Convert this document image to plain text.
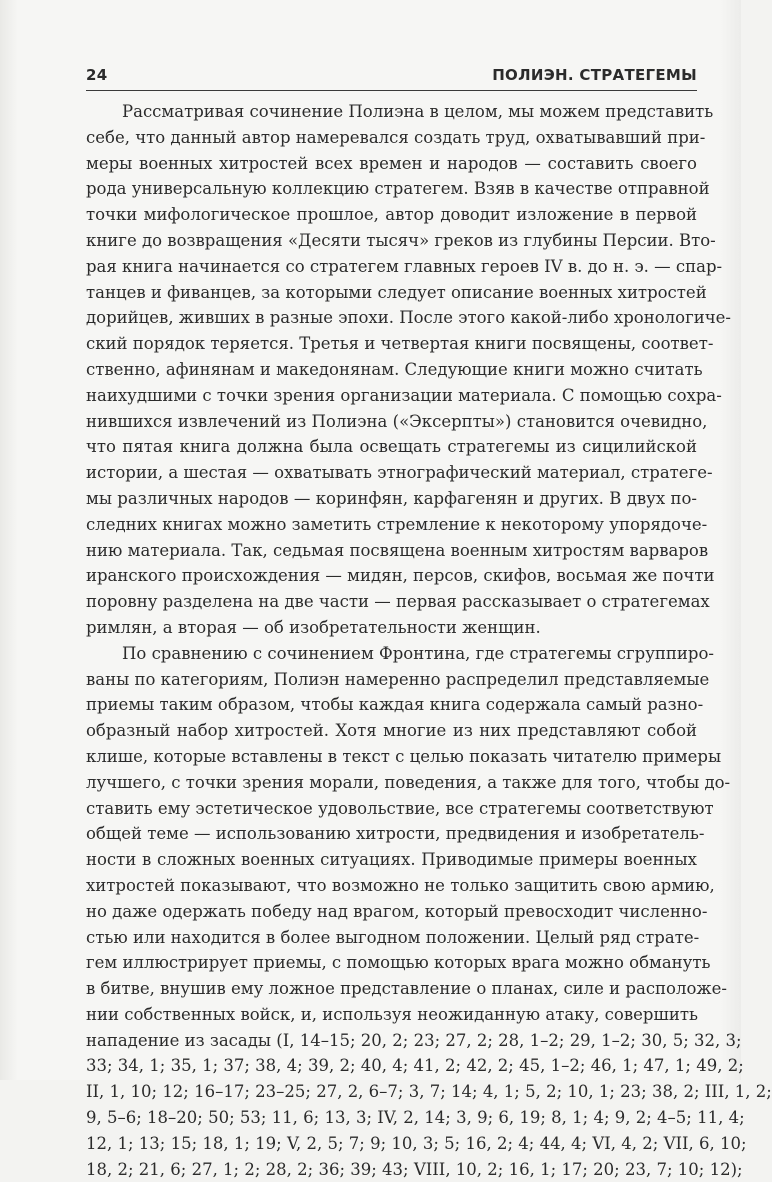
24	ПОЛИЭН. СТРАТЕГЕМЫ
Рассматривая сочинение Полиэна в целом, мы можем представить
себе, что данный автор намеревался создать труд, охватывавший при-
меры военных хитростей всех времен и народов — составить своего
рода универсальную коллекцию стратегем. Взяв в качестве отправной
точки мифологическое прошлое, автор доводит изложение в первой
книге до возвращения «Десяти тысяч» греков из глубины Персии. Вто-
рая книга начинается со стратегем главных героев IV в. до н. э. — спар-
танцев и фиванцев, за которыми следует описание военных хитростей
дорийцев, живших в разные эпохи. После этого какой-либо хронологиче-
ский порядок теряется. Третья и четвертая книги посвящены, соответ-
ственно, афинянам и македонянам. Следующие книги можно считать
наихудшими с точки зрения организации материала. С помощью сохра-
нившихся извлечений из Полиэна («Эксерпты») становится очевидно,
что пятая книга должна была освещать стратегемы из сицилийской
истории, а шестая — охватывать этнографический материал, стратеге-
мы различных народов — коринфян, карфагенян и других. В двух по-
следних книгах можно заметить стремление к некоторому упорядоче-
нию материала. Так, седьмая посвящена военным хитростям варваров
иранского происхождения — мидян, персов, скифов, восьмая же почти
поровну разделена на две части — первая рассказывает о стратегемах
римлян, а вторая — об изобретательности женщин.
По сравнению с сочинением Фронтина, где стратегемы сгруппиро-
ваны по категориям, Полиэн намеренно распределил представляемые
приемы таким образом, чтобы каждая книга содержала самый разно-
образный набор хитростей. Хотя многие из них представляют собой
клише, которые вставлены в текст с целью показать читателю примеры
лучшего, с точки зрения морали, поведения, а также для того, чтобы до-
ставить ему эстетическое удовольствие, все стратегемы соответствуют
общей теме — использованию хитрости, предвидения и изобретатель-
ности в сложных военных ситуациях. Приводимые примеры военных
хитростей показывают, что возможно не только защитить свою армию,
но даже одержать победу над врагом, который превосходит численно-
стью или находится в более выгодном положении. Целый ряд страте-
гем иллюстрирует приемы, с помощью которых врага можно обмануть
в битве, внушив ему ложное представление о планах, силе и расположе-
нии собственных войск, и, используя неожиданную атаку, совершить
нападение из засады (I, 14–15; 20, 2; 23; 27, 2; 28, 1–2; 29, 1–2; 30, 5; 32, 3;
33; 34, 1; 35, 1; 37; 38, 4; 39, 2; 40, 4; 41, 2; 42, 2; 45, 1–2; 46, 1; 47, 1; 49, 2;
II, 1, 10; 12; 16–17; 23–25; 27, 2, 6–7; 3, 7; 14; 4, 1; 5, 2; 10, 1; 23; 38, 2; III, 1, 2;
9, 5–6; 18–20; 50; 53; 11, 6; 13, 3; IV, 2, 14; 3, 9; 6, 19; 8, 1; 4; 9, 2; 4–5; 11, 4;
12, 1; 13; 15; 18, 1; 19; V, 2, 5; 7; 9; 10, 3; 5; 16, 2; 4; 44, 4; VI, 4, 2; VII, 6, 10;
18, 2; 21, 6; 27, 1; 2; 28, 2; 36; 39; 43; VIII, 10, 2; 16, 1; 17; 20; 23, 7; 10; 12);
